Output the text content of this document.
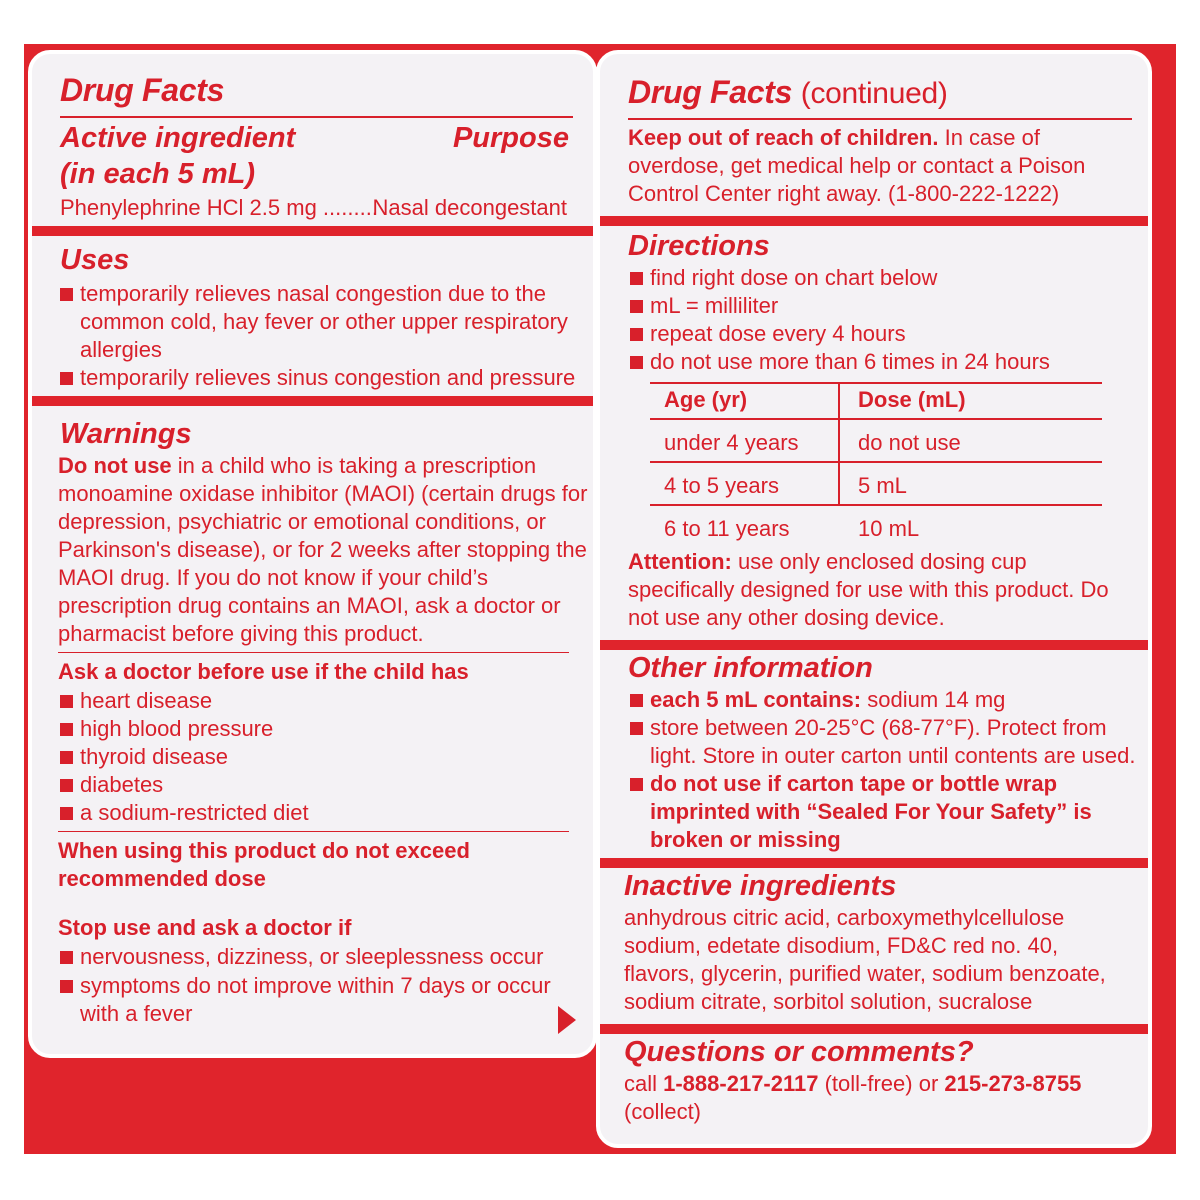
Drug Facts
Active ingredient	Purpose
(in each 5 mL)
Phenylephrine HCl 2.5 mg .........
Nasal decongestant
Uses
temporarily relieves nasal congestion due to the common cold, hay fever or other upper respiratory allergies
temporarily relieves sinus congestion and pressure
Warnings
Do not use in a child who is taking a prescription monoamine oxidase inhibitor (MAOI) (certain drugs for depression, psychiatric or emotional conditions, or Parkinson's disease), or for 2 weeks after stopping the MAOI drug. If you do not know if your child’s prescription drug contains an MAOI, ask a doctor or pharmacist before giving this product.
Ask a doctor before use if the child has
heart disease
high blood pressure
thyroid disease
diabetes
a sodium-restricted diet
When using this product do not exceed recommended dose
Stop use and ask a doctor if
nervousness, dizziness, or sleeplessness occur
symptoms do not improve within 7 days or occur with a fever
Drug Facts (continued)
Keep out of reach of children. In case of overdose, get medical help or contact a Poison Control Center right away. (1-800-222-1222)
Directions
find right dose on chart below
mL = milliliter
repeat dose every 4 hours
do not use more than 6 times in 24 hours
Age (yr)	Dose (mL)
under 4 years	do not use
4 to 5 years	5 mL
6 to 11 years	10 mL
Attention: use only enclosed dosing cup specifically designed for use with this product. Do not use any other dosing device.
Other information
each 5 mL contains: sodium 14 mg
store between 20-25°C (68-77°F). Protect from light. Store in outer carton until contents are used.
do not use if carton tape or bottle wrap imprinted with “Sealed For Your Safety” is broken or missing
Inactive ingredients
anhydrous citric acid, carboxymethylcellulose sodium, edetate disodium, FD&C red no. 40, flavors, glycerin, purified water, sodium benzoate, sodium citrate, sorbitol solution, sucralose
Questions or comments?
call 1-888-217-2117 (toll-free) or 215-273-8755 (collect)
